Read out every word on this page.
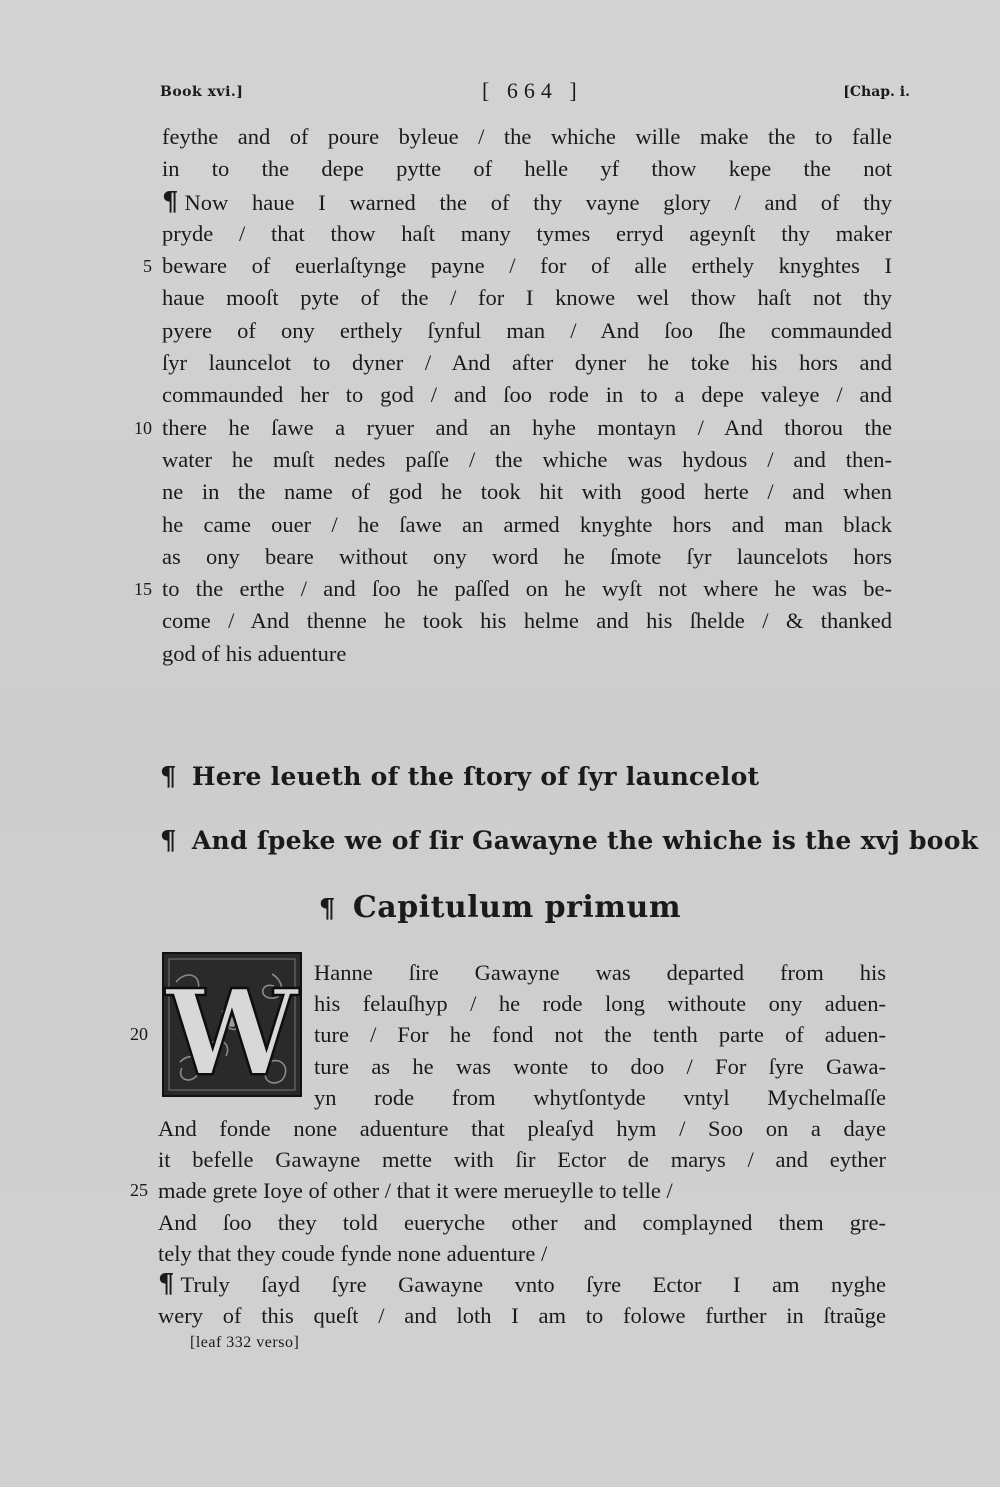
Book xvi.]	[ 664 ]	[Chap. i.
feythe and of poure byleue / the whiche wille make the to falle
in to the depe pytte of helle yf thow kepe the not
¶ Now haue I warned the of thy vayne glory / and of thy
pryde / that thow haſt many tymes erryd ageynſt thy maker
5 beware of euerlaſtynge payne / for of alle erthely knyghtes I
haue mooſt pyte of the / for I knowe wel thow haſt not thy
pyere of ony erthely ſynful man / And ſoo ſhe commaunded
ſyr launcelot to dyner / And after dyner he toke his hors and
commaunded her to god / and ſoo rode in to a depe valeye / and
10 there he ſawe a ryuer and an hyhe montayn / And thorou the
water he muſt nedes paſſe / the whiche was hydous / and then-
ne in the name of god he took hit with good herte / and when
he came ouer / he ſawe an armed knyghte hors and man black
as ony beare without ony word he ſmote ſyr launcelots hors
15 to the erthe / and ſoo he paſſed on he wyſt not where he was be-
come / And thenne he took his helme and his ſhelde / & thanked
god of his aduenture
¶ Here leueth of the ſtory of ſyr launcelot
¶ And ſpeke we of ſir Gawayne the whiche is the xvj book
¶ Capitulum primum
W Hanne ſire Gawayne was departed from his
his felauſhyp / he rode long withoute ony aduen-
20	ture / For he fond not the tenth parte of aduen-
ture as he was wonte to doo / For ſyre Gawa-
yn rode from whytſontyde vntyl Mychelmaſſe
And fonde none aduenture that pleaſyd hym / Soo on a daye
it befelle Gawayne mette with ſir Ector de marys / and eyther
25 made grete Ioye of other / that it were merueylle to telle /
And ſoo they told eueryche other and complayned them gre-
tely that they coude fynde none aduenture /
¶ Truly ſayd ſyre Gawayne vnto ſyre Ector I am nyghe
wery of this queſt / and loth I am to folowe further in ſtraũge
[leaf 332 verso]
